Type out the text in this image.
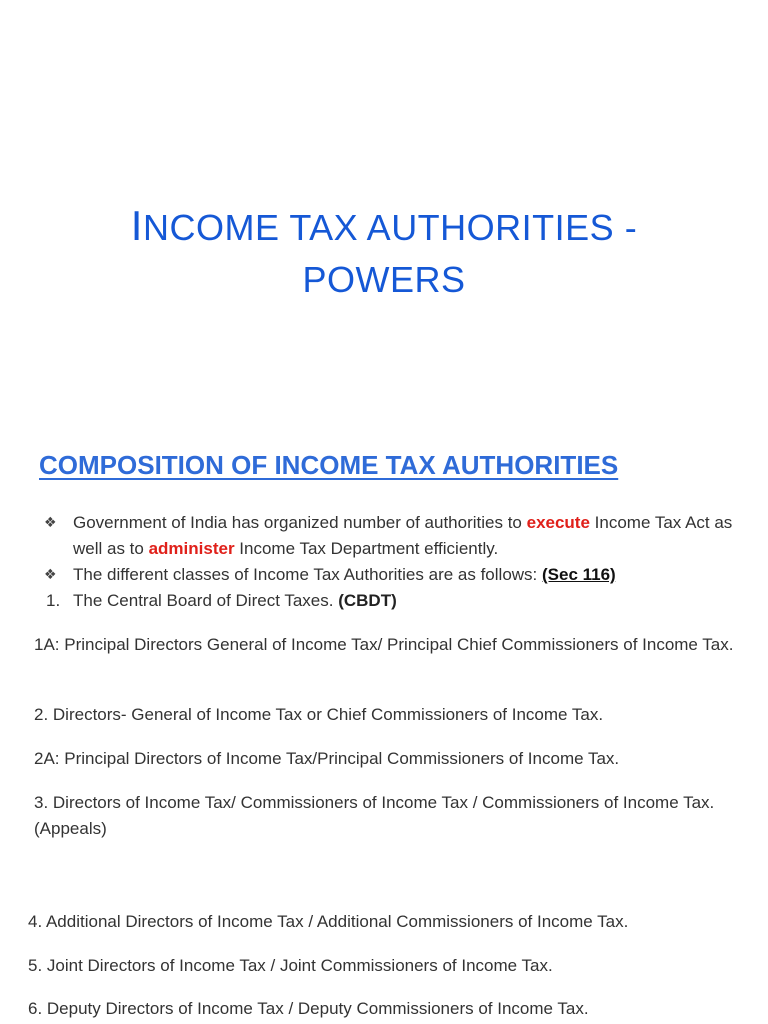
INCOME TAX AUTHORITIES -
POWERS
COMPOSITION OF INCOME TAX AUTHORITIES
❖ Government of India has organized number of authorities to execute Income Tax Act as well as to administer Income Tax Department efficiently.
❖ The different classes of Income Tax Authorities are as follows: (Sec 116)
1. The Central Board of Direct Taxes. (CBDT)
1A: Principal Directors General of Income Tax/ Principal Chief Commissioners of Income Tax.
2. Directors- General of Income Tax or Chief Commissioners of Income Tax.
2A: Principal Directors of Income Tax/Principal Commissioners of Income Tax.
3. Directors of Income Tax/ Commissioners of Income Tax / Commissioners of Income Tax. (Appeals)
4. Additional Directors of Income Tax / Additional Commissioners of Income Tax.
5. Joint Directors of Income Tax / Joint Commissioners of Income Tax.
6. Deputy Directors of Income Tax / Deputy Commissioners of Income Tax.
